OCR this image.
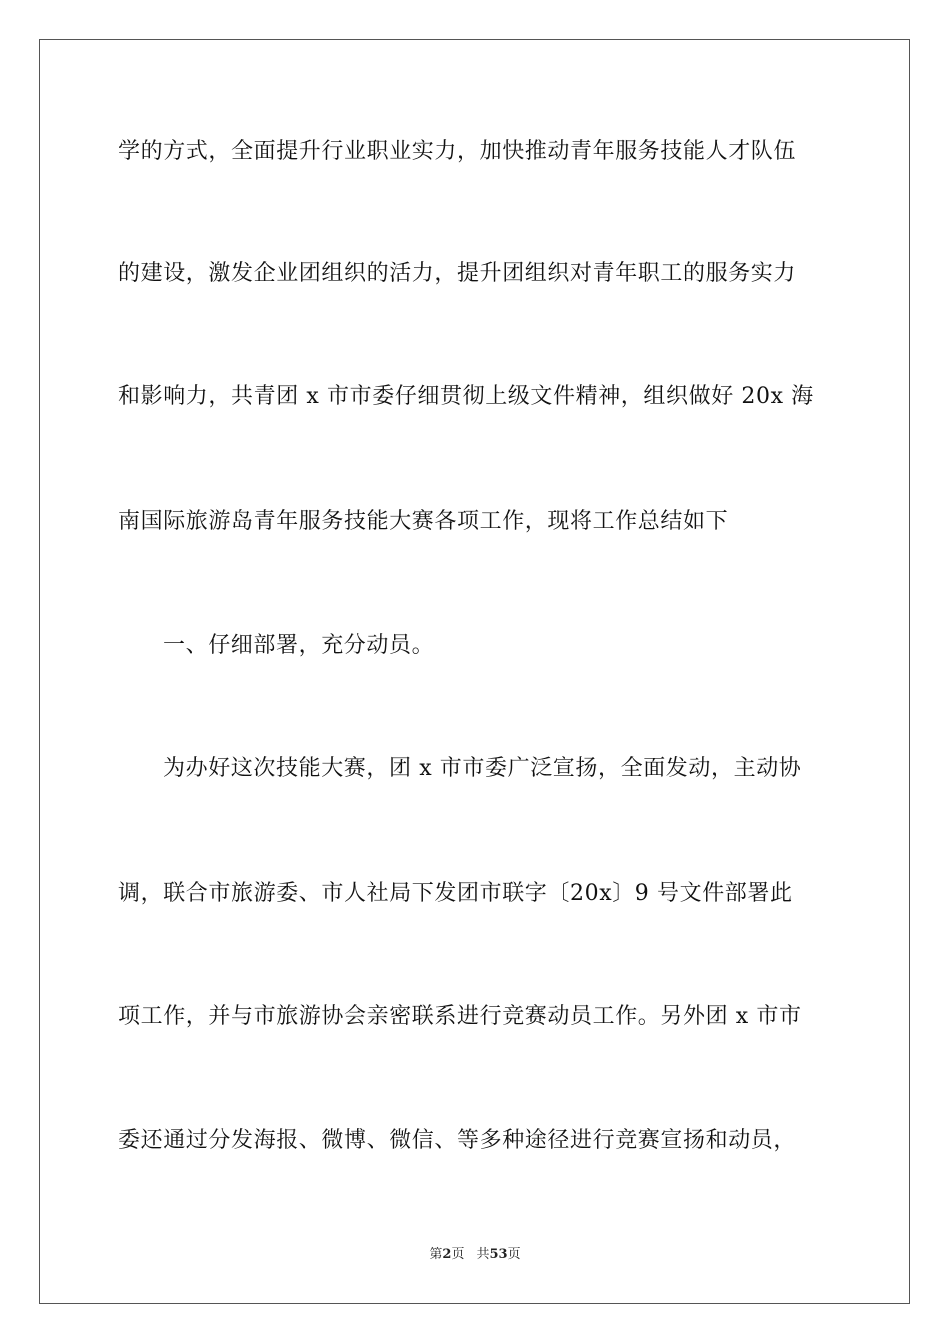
学的方式，全面提升行业职业实力，加快推动青年服务技能人才队伍
的建设，激发企业团组织的活力，提升团组织对青年职工的服务实力
和影响力，共青团 x 市市委仔细贯彻上级文件精神，组织做好 20x 海
南国际旅游岛青年服务技能大赛各项工作，现将工作总结如下
一、仔细部署，充分动员。
为办好这次技能大赛，团 x 市市委广泛宣扬，全面发动，主动协
调，联合市旅游委、市人社局下发团市联字〔20x〕9 号文件部署此
项工作，并与市旅游协会亲密联系进行竞赛动员工作。另外团 x 市市
委还通过分发海报、微博、微信、等多种途径进行竞赛宣扬和动员，
第2页 共53页
